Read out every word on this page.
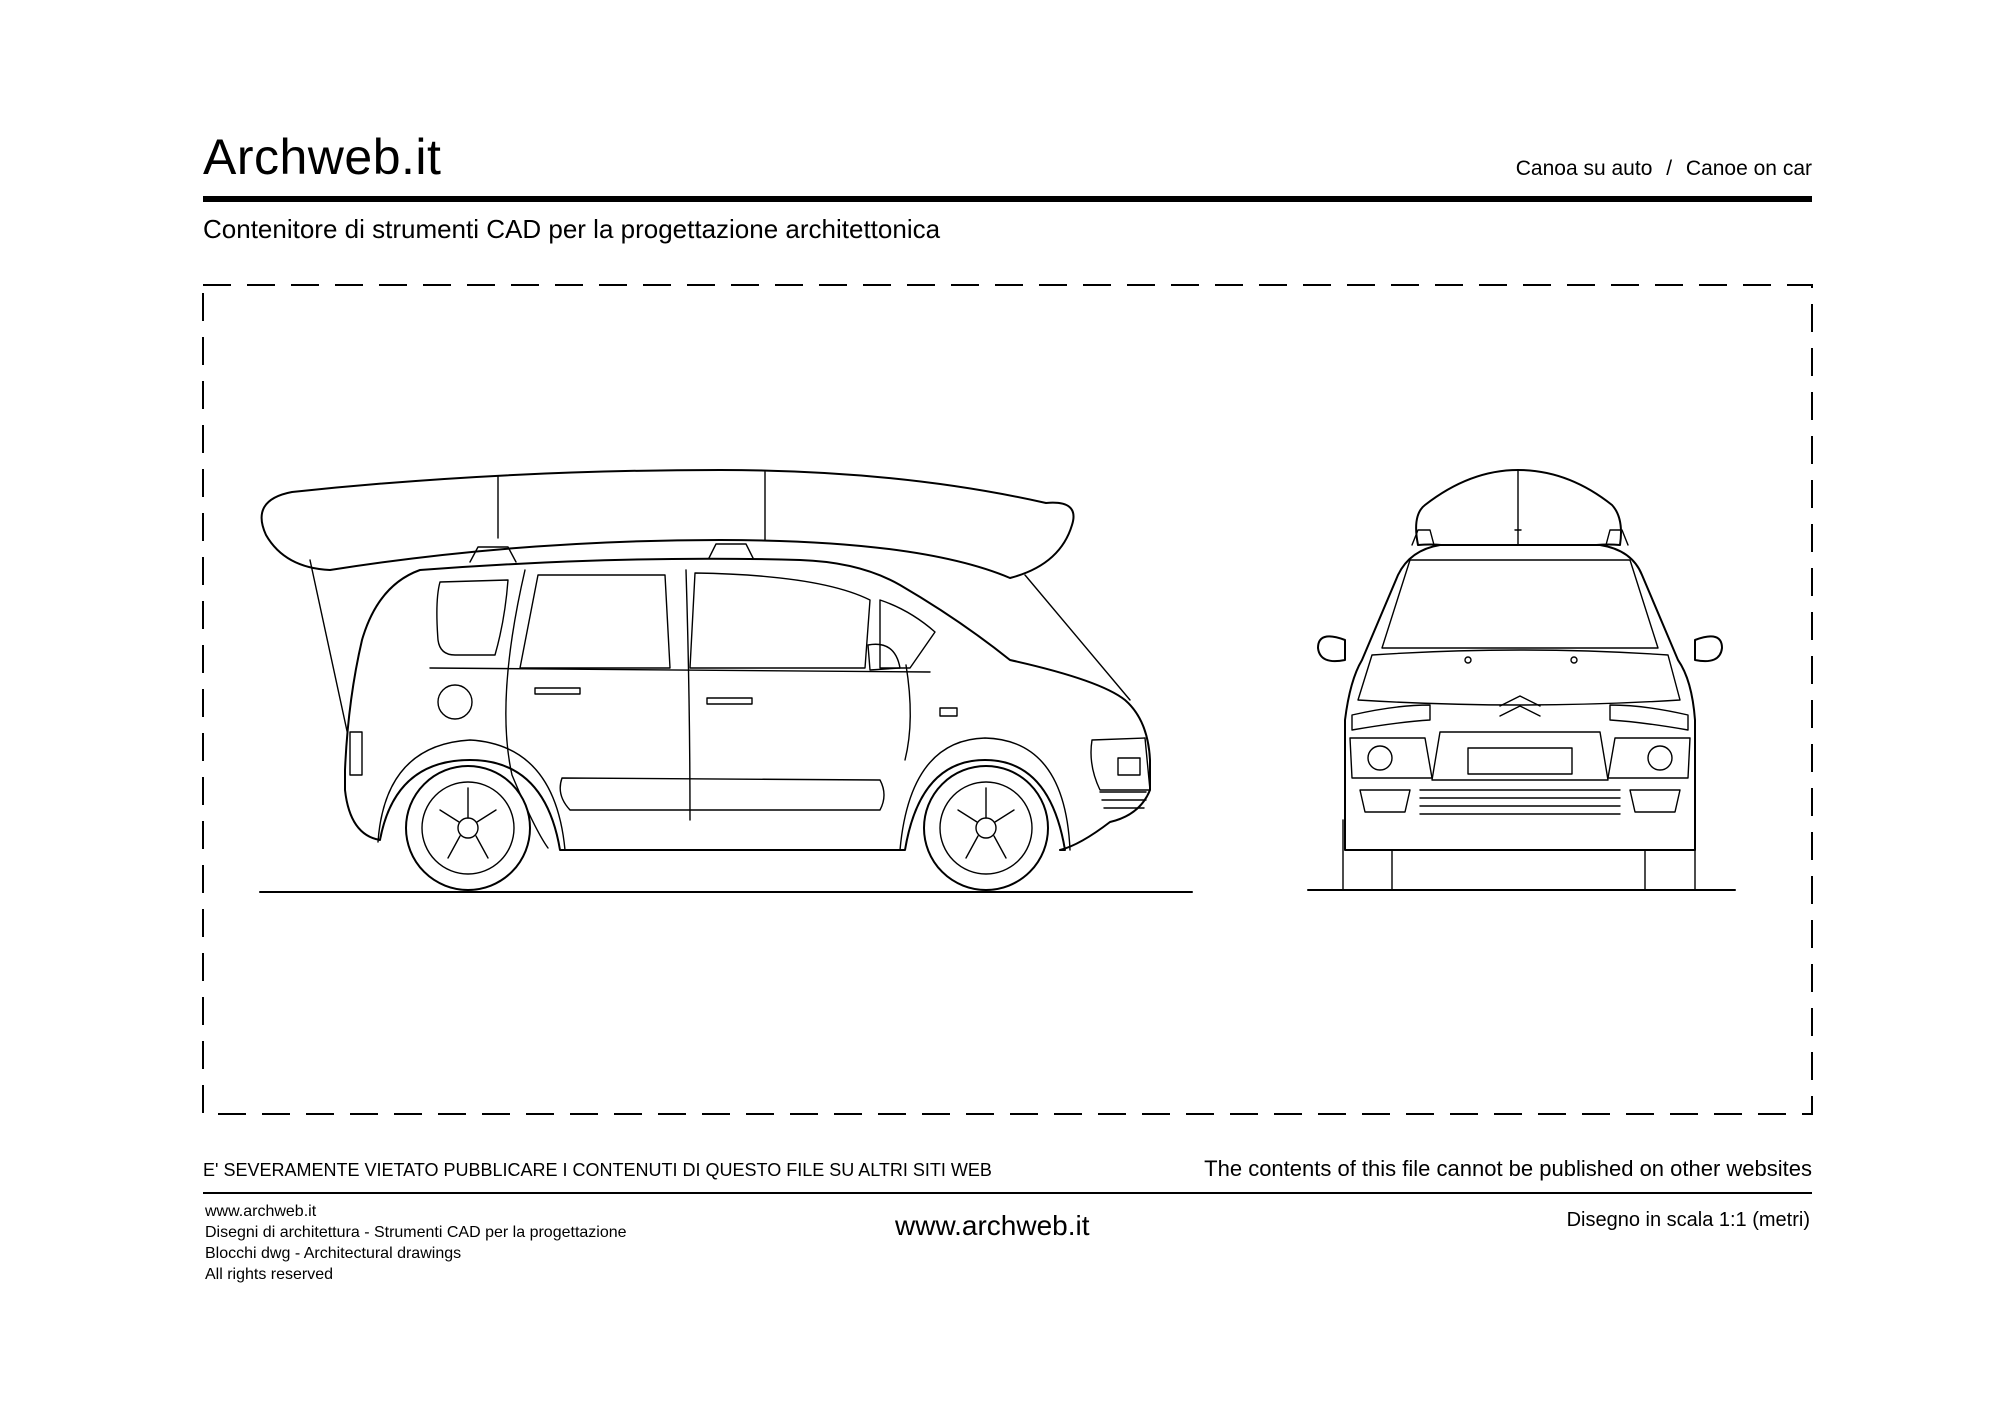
Archweb.it	Canoa su auto / Canoe on car
Contenitore di strumenti CAD per la progettazione architettonica
E' SEVERAMENTE VIETATO PUBBLICARE I CONTENUTI DI QUESTO FILE SU ALTRI SITI WEB	The contents of this file cannot be published on other websites
www.archweb.it
Disegni di architettura - Strumenti CAD per la progettazione
Blocchi dwg - Architectural drawings
All rights reserved
www.archweb.it	Disegno in scala 1:1 (metri)
